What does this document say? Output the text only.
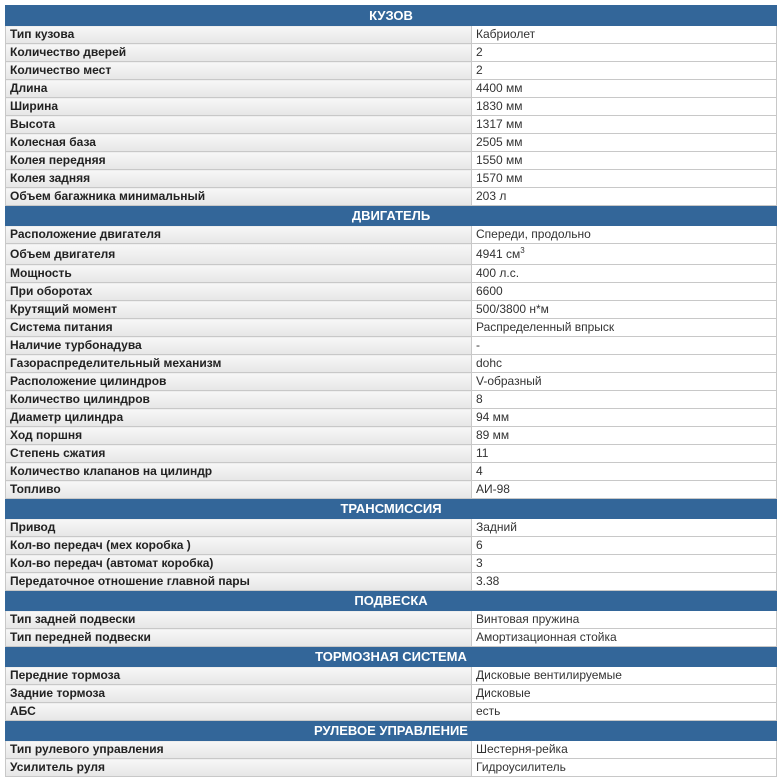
КУЗОВ	
Тип кузова	Кабриолет
Количество дверей	2
Количество мест	2
Длина	4400 мм
Ширина	1830 мм
Высота	1317 мм
Колесная база	2505 мм
Колея передняя	1550 мм
Колея задняя	1570 мм
Объем багажника минимальный	203 л
ДВИГАТЕЛЬ	
Расположение двигателя	Спереди, продольно
Объем двигателя	4941 $см^3$
Мощность	400 л.с.
При оборотах	6600
Крутящий момент	500/3800 н*м
Система питания	Распределенный впрыск
Наличие турбонадува	-
Газораспределительный механизм	dohc
Расположение цилиндров	V-образный
Количество цилиндров	8
Диаметр цилиндра	94 мм
Ход поршня	89 мм
Степень сжатия	11
Количество клапанов на цилиндр	4
Топливо	АИ-98
ТРАНСМИССИЯ	
Привод	Задний
Кол-во передач (мех коробка )	6
Кол-во передач (автомат коробка)	3
Передаточное отношение главной пары	3.38
ПОДВЕСКА	
Тип задней подвески	Винтовая пружина
Тип передней подвески	Амортизационная стойка
ТОРМОЗНАЯ СИСТЕМА	
Передние тормоза	Дисковые вентилируемые
Задние тормоза	Дисковые
АБС	есть
РУЛЕВОЕ УПРАВЛЕНИЕ	
Тип рулевого управления	Шестерня-рейка
Усилитель руля	Гидроусилитель
